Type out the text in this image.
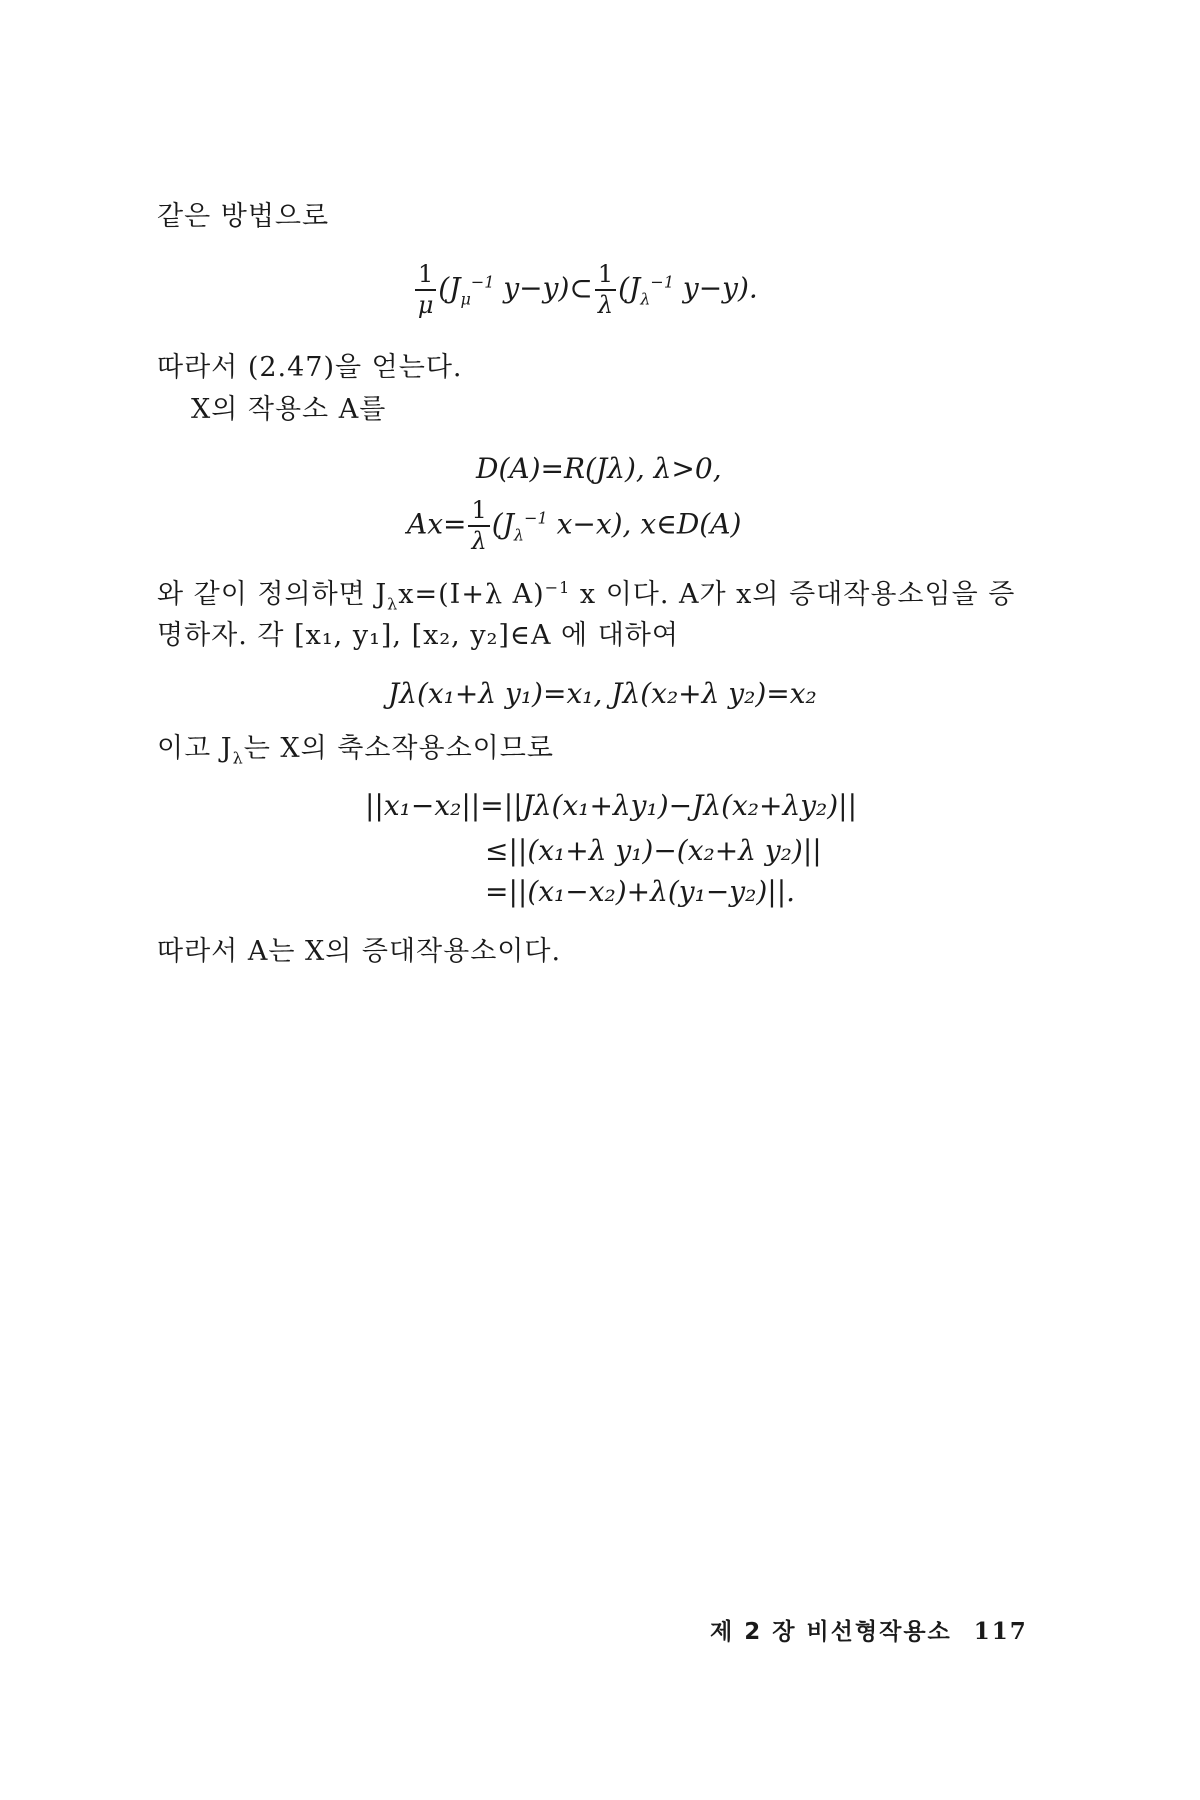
같은 방법으로
$\frac{1}{\mu} (J_\mu^{-1}$ y−y)⊂ $\frac{1}{\lambda} (J_\lambda^{-1}$ y−y).
따라서 (2.47)을 얻는다.
X의 작용소 A를
D(A)=R(Jλ), λ>0,
$Ax= \frac{1}{\lambda} (J_\lambda^{-1}$ x−x), x∈D(A)
와 같이 정의하면 $J_\lambda x=(I+\lambda$ A)$^{-1}$ x 이다. A가 x의 증대작용소임을 증
명하자. 각 [x₁, y₁], [x₂, y₂]∈A 에 대하여
Jλ(x₁+λ y₁)=x₁, Jλ(x₂+λ y₂)=x₂
이고 $J_\lambda$는 X의 축소작용소이므로
||x₁−x₂||=||Jλ(x₁+λy₁)−Jλ(x₂+λy₂)||
≤||(x₁+λ y₁)−(x₂+λ y₂)||
=||(x₁−x₂)+λ(y₁−y₂)||.
따라서 A는 X의 증대작용소이다.
제 2 장 비선형작용소 117
